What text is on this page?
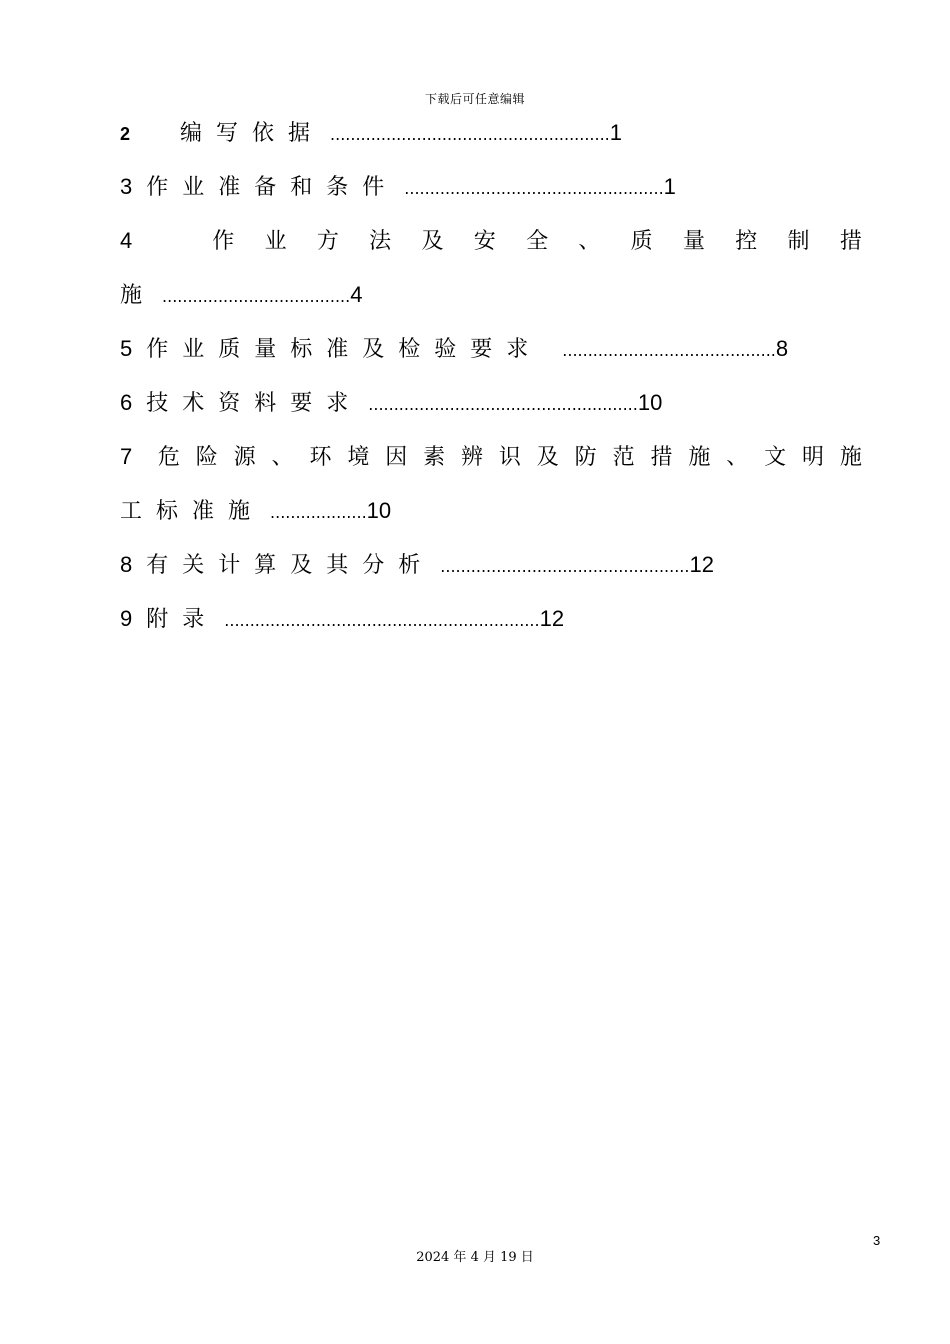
下载后可任意编辑
2 编写依据 .......................................................1
3作业准备和条件 ...................................................1
4	作 业 方 法 及 安 全 、 质 量 控 制 措
施 .....................................4
5作业质量标准及检验要求 ..........................................8
6技术资料要求 .....................................................10
7	危 险 源 、 环 境 因 素 辨 识 及 防 范 措 施 、 文 明 施
工标准施 ...................10
8有关计算及其分析 .................................................12
9附录 ..............................................................12
3
2024 年 4 月 19 日
